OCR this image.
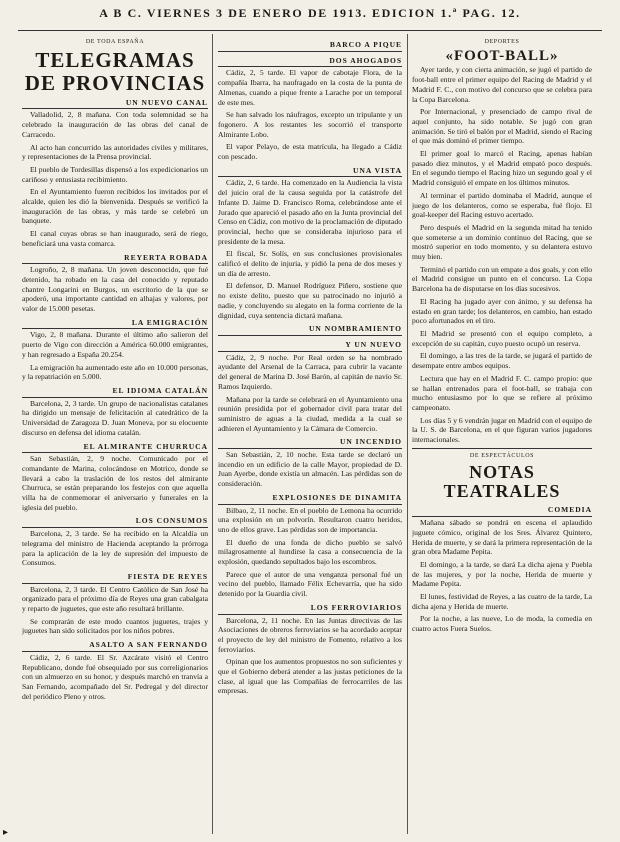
A B C. VIERNES 3 DE ENERO DE 1913. EDICION 1.ª PAG. 12.
DE TODA ESPAÑA
TELEGRAMAS
DE PROVINCIAS
UN NUEVO CANAL

Valladolid, 2, 8 mañana. Con toda solemnidad se ha celebrado la inauguración de las obras del canal de Carracedo.

Al acto han concurrido las autoridades civiles y militares, y representaciones de la Prensa provincial.

El pueblo de Tordesillas dispensó a los expedicionarios un cariñoso y entusiasta recibimiento.

En el Ayuntamiento fueron recibidos los invitados por el alcalde, quien les dió la bienvenida. Después se verificó la inauguración de las obras, y más tarde se celebró un banquete.

El canal cuyas obras se han inaugurado, será de riego, beneficiará una vasta comarca.

REYERTA ROBADA

Logroño, 2, 8 mañana. Un joven desconocido, que fué detenido, ha robado en la casa del conocido y reputado chantre Longarini en Burgos, un escritorio de la que se apoderó, una importante cantidad en alhajas y valores, por valor de 15.000 pesetas.

LA EMIGRACIÓN

Vigo, 2, 8 mañana. Durante el último año salieron del puerto de Vigo con dirección a América 60.000 emigrantes, y han regresado a España 20.254.

La emigración ha aumentado este año en 10.000 personas, y la repatriación en 5.000.

EL IDIOMA CATALÁN

Barcelona, 2, 3 tarde. Un grupo de nacionalistas catalanes ha dirigido un mensaje de felicitación al catedrático de la Universidad de Zaragoza D. Juan Moneva, por su elocuente discurso en defensa del idioma catalán.

EL ALMIRANTE CHURRUCA

San Sebastián, 2, 9 noche. Comunicado por el comandante de Marina, colocándose en Motrico, donde se llevará a cabo la traslación de los restos del almirante Churruca, se están preparando los festejos con que aquella villa ha de conmemorar el aniversario y funerales en la iglesia del pueblo.

LOS CONSUMOS

Barcelona, 2, 3 tarde. Se ha recibido en la Alcaldía un telegrama del ministro de Hacienda aceptando la prórroga para la aplicación de la ley de supresión del impuesto de Consumos.

FIESTA DE REYES

Barcelona, 2, 3 tarde. El Centro Católico de San José ha organizado para el próximo día de Reyes una gran cabalgata y reparto de juguetes, que este año resultará brillante.

Se comprarán de este modo cuantos juguetes, trajes y juguetes han sido solicitados por los niños pobres.

ASALTO A SAN FERNANDO

Cádiz, 2, 6 tarde. El Sr. Azcárate visitó el Centro Republicano, donde fué obsequiado por sus correligionarios con un almuerzo en su honor, y después marchó en tranvía a San Fernando, acompañado del Sr. Pedregal y del director del periódico Pleno y otros.

BARCO A PIQUE
DOS AHOGADOS

Cádiz, 2, 5 tarde. El vapor de cabotaje Flora, de la compañía Ibarra, ha naufragado en la costa de la punta de Almenas, cuando a pique frente a Larache por un temporal de este mes.

Se han salvado los náufragos, excepto un tripulante y un fogonero. A los restantes les socorrió el transporte Almirante Lobo.

El vapor Pelayo, de esta matrícula, ha llegado a Cádiz con pescado.

UNA VISTA

Cádiz, 2, 6 tarde. Ha comenzado en la Audiencia la vista del juicio oral de la causa seguida por la catástrofe del Infante D. Jaime D. Francisco Roma, celebrándose ante el Jurado que apareció el pasado año en la Junta provincial del Censo en Cádiz, con motivo de la proclamación de diputado provincial, hecho que se consideraba injurioso para el presidente de la mesa.

El fiscal, Sr. Solís, en sus conclusiones provisionales calificó el delito de injuria, y pidió la pena de dos meses y un día de arresto.

El defensor, D. Manuel Rodríguez Piñero, sostiene que no existe delito, puesto que su patrocinado no injurió a nadie, y concluyendo su alegato en la forma corriente de la dignidad, cuya sentencia dictará mañana.

UN NOMBRAMIENTO
Y UN NUEVO

Cádiz, 2, 9 noche. Por Real orden se ha nombrado ayudante del Arsenal de la Carraca, para cubrir la vacante del general de Marina D. José Barón, al capitán de navío Sr. Ramos Izquierdo.

Mañana por la tarde se celebrará en el Ayuntamiento una reunión presidida por el gobernador civil para tratar del suministro de aguas a la ciudad, medida a la cual se adhieren el Ayuntamiento y la Cámara de Comercio.

UN INCENDIO

San Sebastián, 2, 10 noche. Esta tarde se declaró un incendio en un edificio de la calle Mayor, propiedad de D. Juan Ayerbe, donde existía un almacén. Las pérdidas son de consideración.

EXPLOSIONES DE DINAMITA

Bilbao, 2, 11 noche. En el pueblo de Lemona ha ocurrido una explosión en un polvorín. Resultaron cuatro heridos, uno de ellos grave. Las pérdidas son de importancia.

El dueño de una fonda de dicho pueblo se salvó milagrosamente al hundirse la casa a consecuencia de la explosión, quedando sepultados bajo los escombros.

Parece que el autor de una venganza personal fué un vecino del pueblo, llamado Félix Echevarría, que ha sido detenido por la Guardia civil.

LOS FERROVIARIOS

Barcelona, 2, 11 noche. En las Juntas directivas de las Asociaciones de obreros ferroviarios se ha acordado aceptar el proyecto de ley del ministro de Fomento, relativo a los ferroviarios.

Opinan que los aumentos propuestos no son suficientes y que el Gobierno deberá atender a las justas peticiones de la clase, al igual que las Compañías de ferrocarriles de las empresas.

DEPORTES
«FOOT-BALL»

Ayer tarde, y con cierta animación, se jugó el partido de foot-ball entre el primer equipo del Racing de Madrid y el Madrid F. C., con motivo del concurso que se celebra para la Copa Barcelona.

Por Internacional, y presenciado de campo rival de aquel conjunto, ha sido notable. Se jugó con gran animación. Se tiró el balón por el Madrid, siendo el Racing el que más dominó el primer tiempo.

El primer goal lo marcó el Racing, apenas habían pasado diez minutos, y el Madrid empató poco después. En el segundo tiempo el Racing hizo un segundo goal y el Madrid consiguió el empate en los últimos minutos.

Al terminar el partido dominaba el Madrid, aunque el juego de los delanteros, como se esperaba, fué flojo. El goal-keeper del Racing estuvo acertado.

Pero después el Madrid en la segunda mitad ha tenido que someterse a un dominio continuo del Racing, que se mostró superior en todo momento, y su delantera estuvo muy bien.

Terminó el partido con un empate a dos goals, y con ello el Madrid consigue un punto en el concurso. La Copa Barcelona ha de disputarse en los días sucesivos.

El Racing ha jugado ayer con ánimo, y su defensa ha estado en gran tarde; los delanteros, en cambio, han estado poco afortunados en el tiro.

El Madrid se presentó con el equipo completo, a excepción de su capitán, cuyo puesto ocupó un reserva.

El domingo, a las tres de la tarde, se jugará el partido de desempate entre ambos equipos.

Lectura que hay en el Madrid F. C. campo propio: que se hallan entrenados para el foot-ball, se trabaja con mucho entusiasmo por lo que se refiere al próximo campeonato.

Los días 5 y 6 vendrán jugar en Madrid con el equipo de la U. S. de Barcelona, en el que figuran varios jugadores internacionales.

DE ESPECTÁCULOS
NOTAS TEATRALES
COMEDIA

Mañana sábado se pondrá en escena el aplaudido juguete cómico, original de los Sres. Álvarez Quintero, Herida de muerte, y se dará la primera representación de la gran obra Madame Pepita.

El domingo, a la tarde, se dará La dicha ajena y Puebla de las mujeres, y por la noche, Herida de muerte y Madame Pepita.

El lunes, festividad de Reyes, a las cuatro de la tarde, La dicha ajena y Herida de muerte.

Por la noche, a las nueve, Lo de moda, la comedia en cuatro actos Fuera Suelos.

▸
